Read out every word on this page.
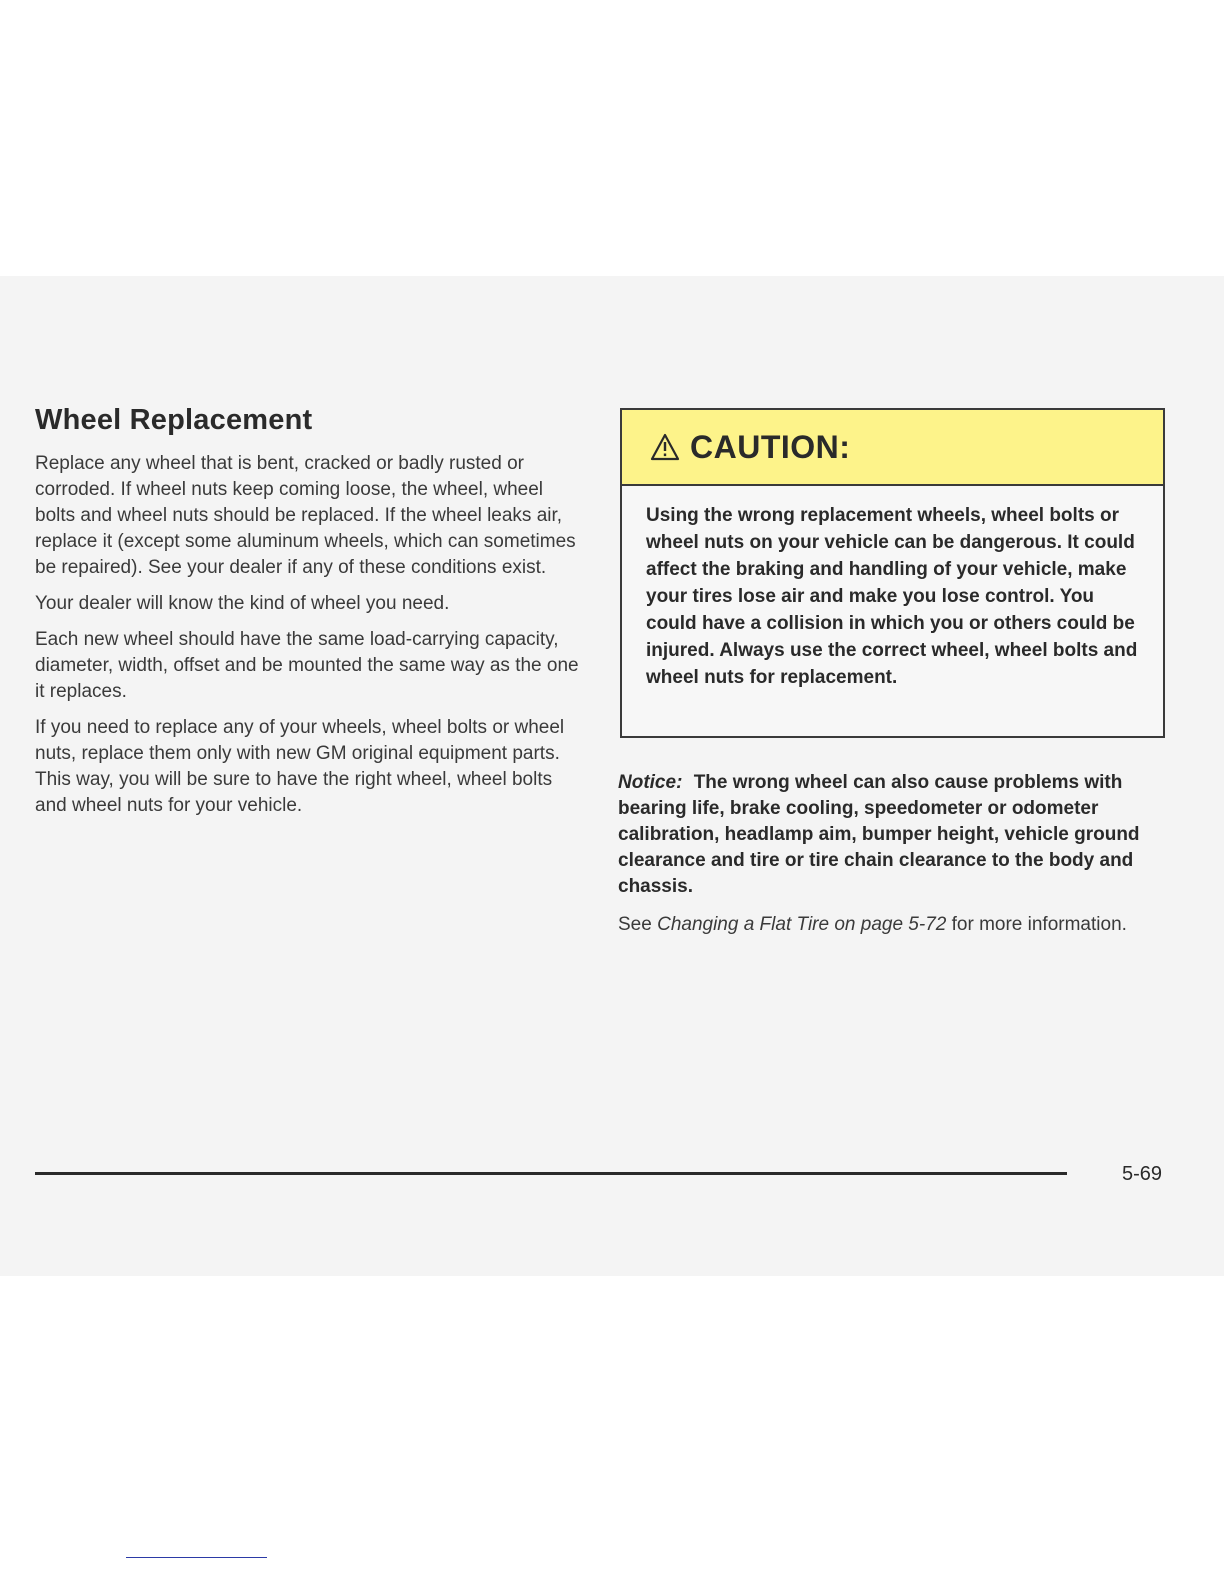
Wheel Replacement

Replace any wheel that is bent, cracked or badly rusted or corroded. If wheel nuts keep coming loose, the wheel, wheel bolts and wheel nuts should be replaced. If the wheel leaks air, replace it (except some aluminum wheels, which can sometimes be repaired). See your dealer if any of these conditions exist.

Your dealer will know the kind of wheel you need.

Each new wheel should have the same load-carrying capacity, diameter, width, offset and be mounted the same way as the one it replaces.

If you need to replace any of your wheels, wheel bolts or wheel nuts, replace them only with new GM original equipment parts. This way, you will be sure to have the right wheel, wheel bolts and wheel nuts for your vehicle.

CAUTION:

Using the wrong replacement wheels, wheel bolts or wheel nuts on your vehicle can be dangerous. It could affect the braking and handling of your vehicle, make your tires lose air and make you lose control. You could have a collision in which you or others could be injured. Always use the correct wheel, wheel bolts and wheel nuts for replacement.

Notice: The wrong wheel can also cause problems with bearing life, brake cooling, speedometer or odometer calibration, headlamp aim, bumper height, vehicle ground clearance and tire or tire chain clearance to the body and chassis.

See Changing a Flat Tire on page 5-72 for more information.

5-69
